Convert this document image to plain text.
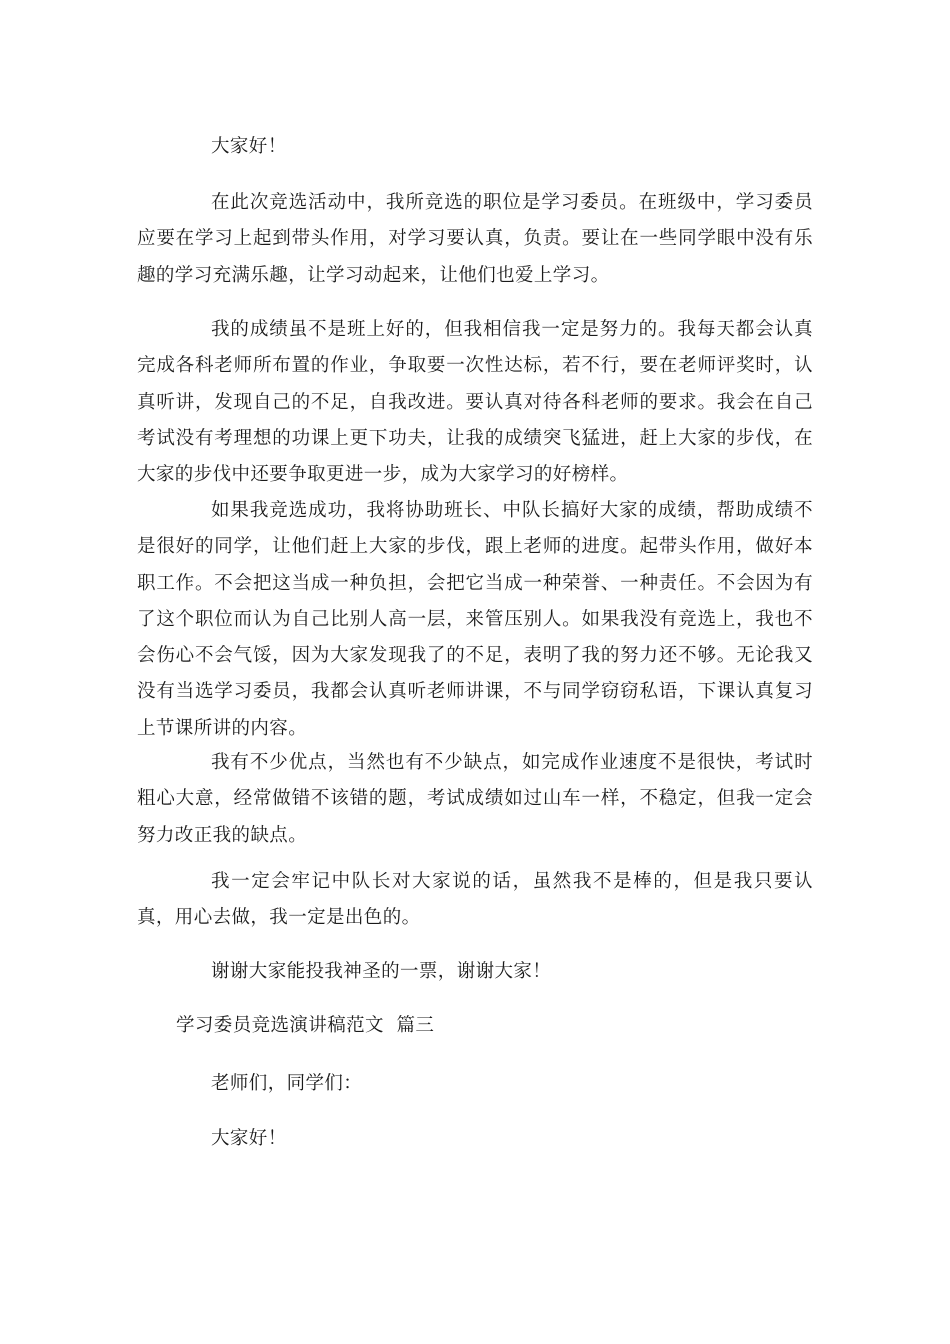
大家好！

在此次竞选活动中，我所竞选的职位是学习委员。在班级中，学习委员应要在学习上起到带头作用，对学习要认真，负责。要让在一些同学眼中没有乐趣的学习充满乐趣，让学习动起来，让他们也爱上学习。

我的成绩虽不是班上好的，但我相信我一定是努力的。我每天都会认真完成各科老师所布置的作业，争取要一次性达标，若不行，要在老师评奖时，认真听讲，发现自己的不足，自我改进。要认真对待各科老师的要求。我会在自己考试没有考理想的功课上更下功夫，让我的成绩突飞猛进，赶上大家的步伐，在大家的步伐中还要争取更进一步，成为大家学习的好榜样。

如果我竞选成功，我将协助班长、中队长搞好大家的成绩，帮助成绩不是很好的同学，让他们赶上大家的步伐，跟上老师的进度。起带头作用，做好本职工作。不会把这当成一种负担，会把它当成一种荣誉、一种责任。不会因为有了这个职位而认为自己比别人高一层，来管压别人。如果我没有竞选上，我也不会伤心不会气馁，因为大家发现我了的不足，表明了我的努力还不够。无论我又没有当选学习委员，我都会认真听老师讲课，不与同学窃窃私语，下课认真复习上节课所讲的内容。

我有不少优点，当然也有不少缺点，如完成作业速度不是很快，考试时粗心大意，经常做错不该错的题，考试成绩如过山车一样，不稳定，但我一定会努力改正我的缺点。

我一定会牢记中队长对大家说的话，虽然我不是棒的，但是我只要认真，用心去做，我一定是出色的。

谢谢大家能投我神圣的一票，谢谢大家！

学习委员竞选演讲稿范文  篇三

老师们，同学们：

大家好！
